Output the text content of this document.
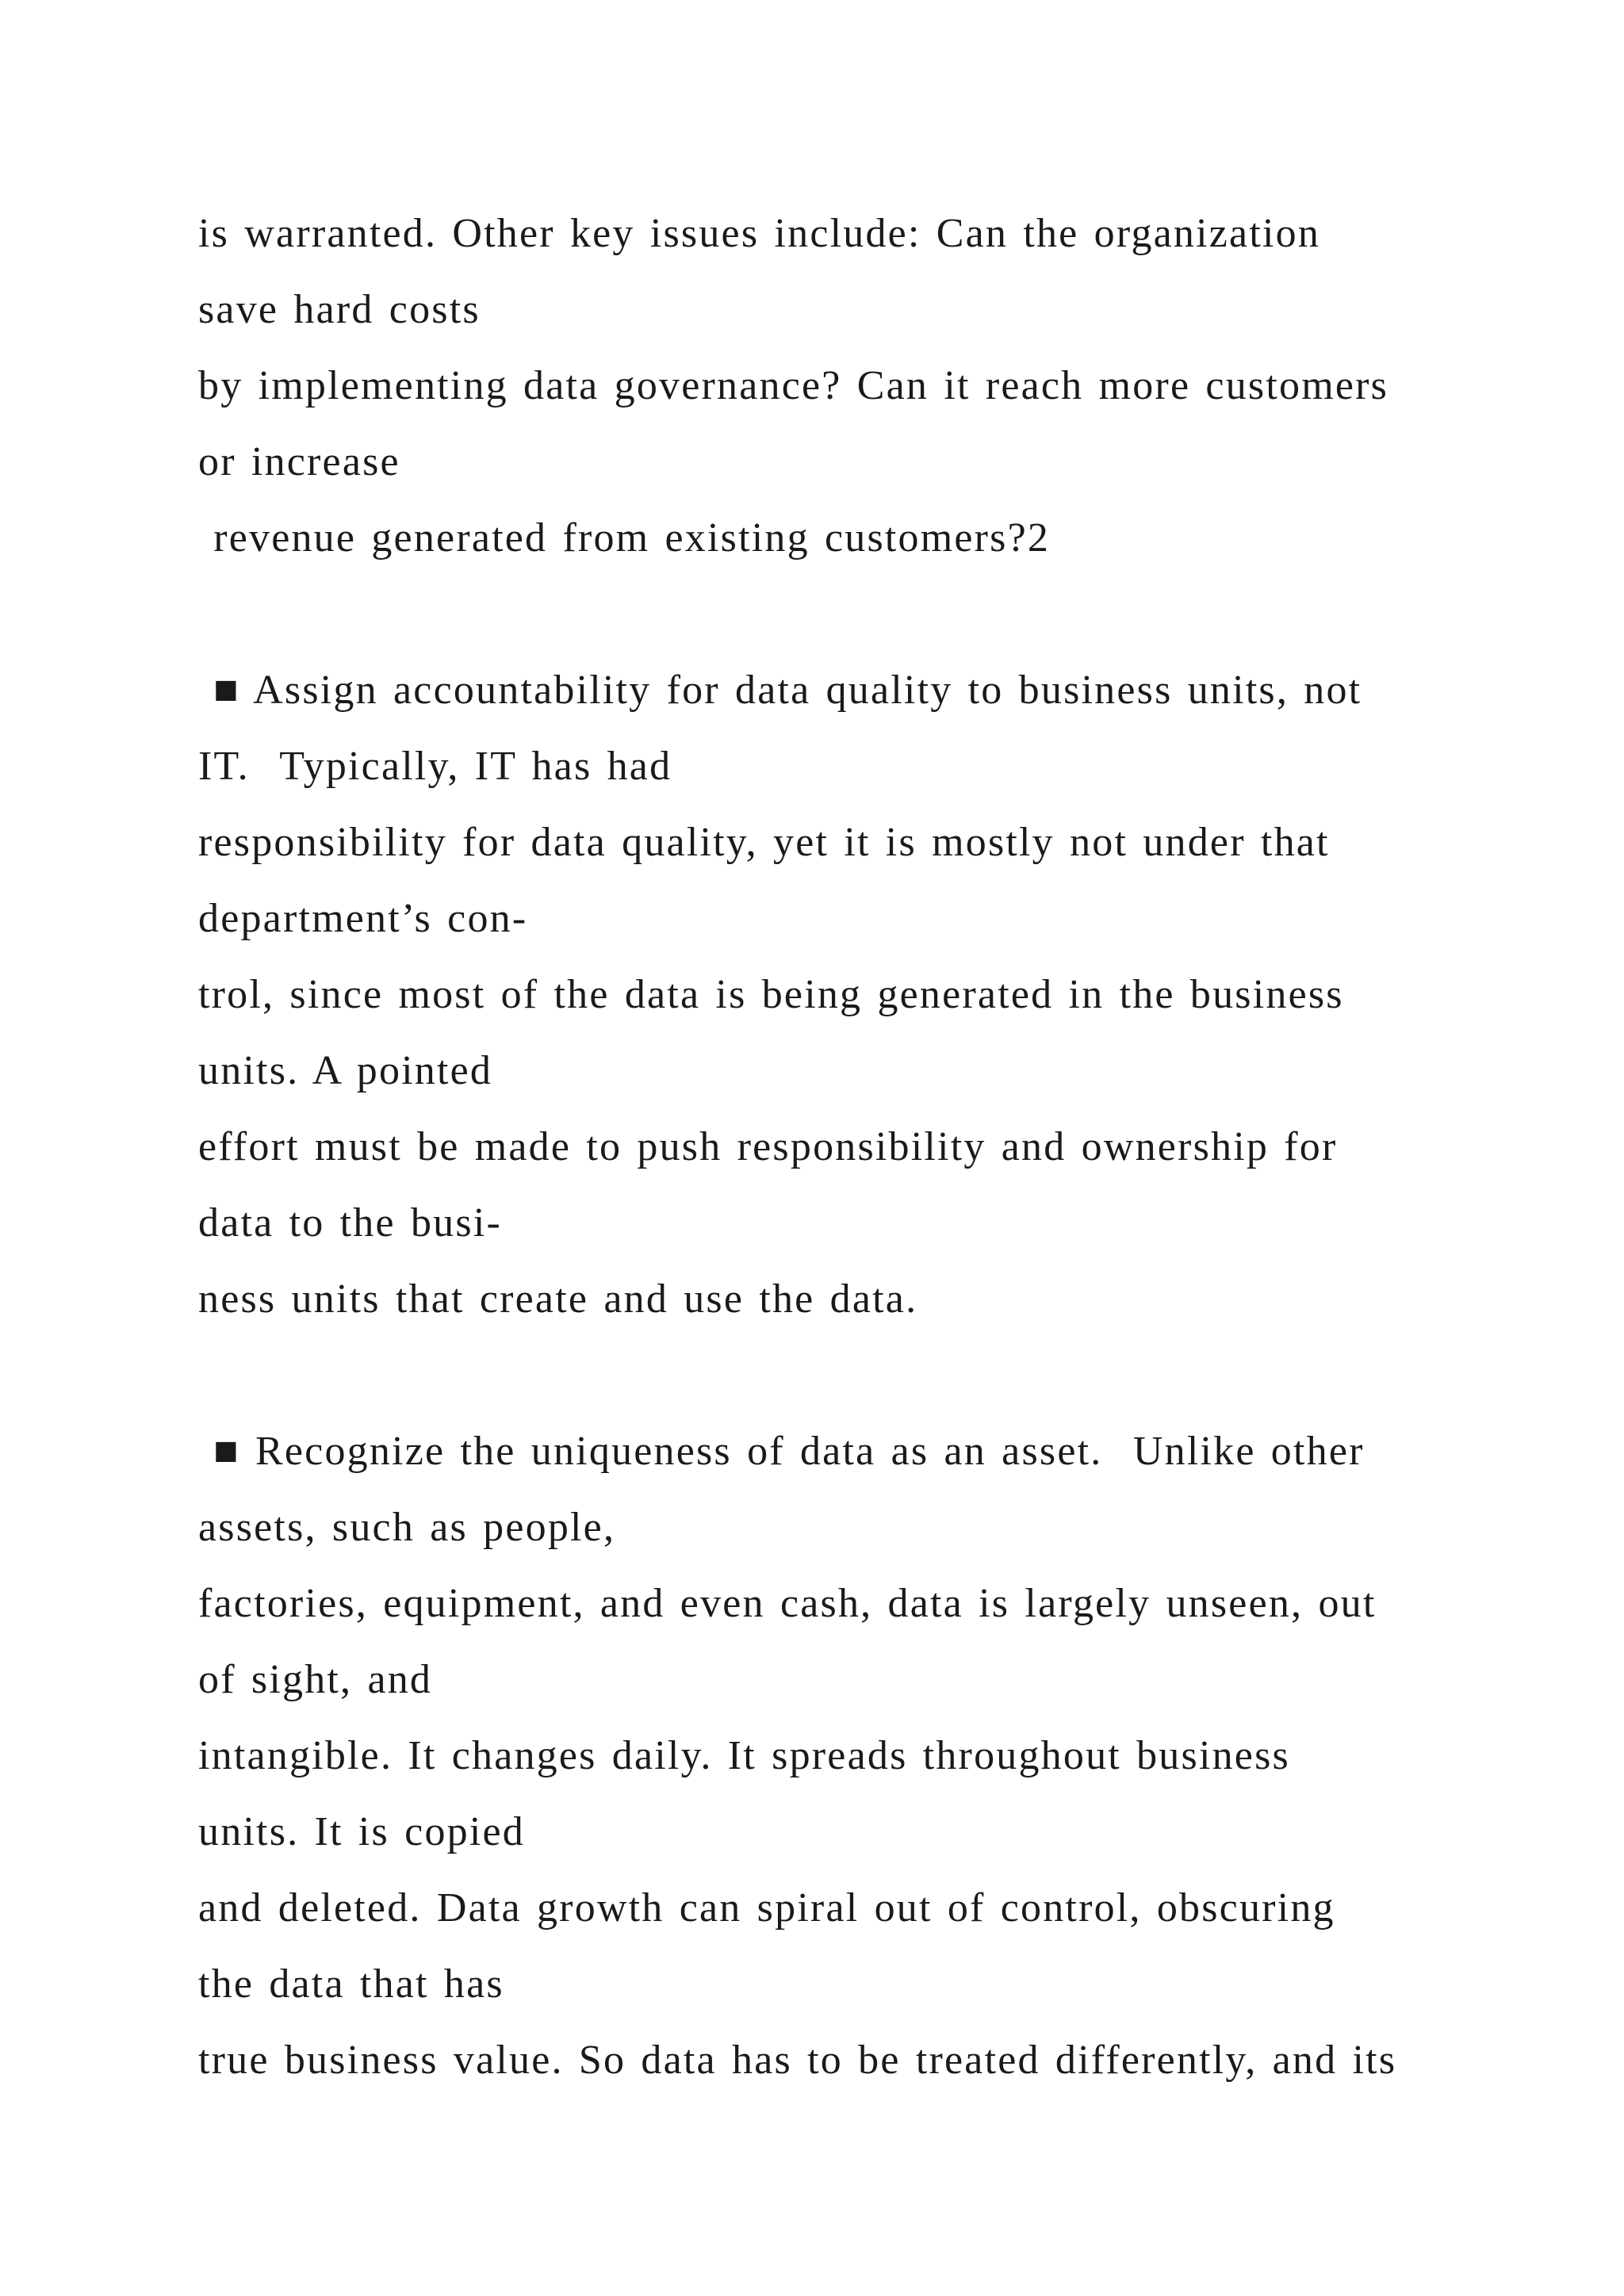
is warranted. Other key issues include: Can the organization
save hard costs
by implementing data governance? Can it reach more customers
or increase
revenue generated from existing customers?2
■ Assign accountability for data quality to business units, not
IT.  Typically, IT has had
responsibility for data quality, yet it is mostly not under that
department’s con-
trol, since most of the data is being generated in the business
units. A pointed
effort must be made to push responsibility and ownership for
data to the busi-
ness units that create and use the data.
■ Recognize the uniqueness of data as an asset.  Unlike other
assets, such as people,
factories, equipment, and even cash, data is largely unseen, out
of sight, and
intangible. It changes daily. It spreads throughout business
units. It is copied
and deleted. Data growth can spiral out of control, obscuring
the data that has
true business value. So data has to be treated differently, and its
